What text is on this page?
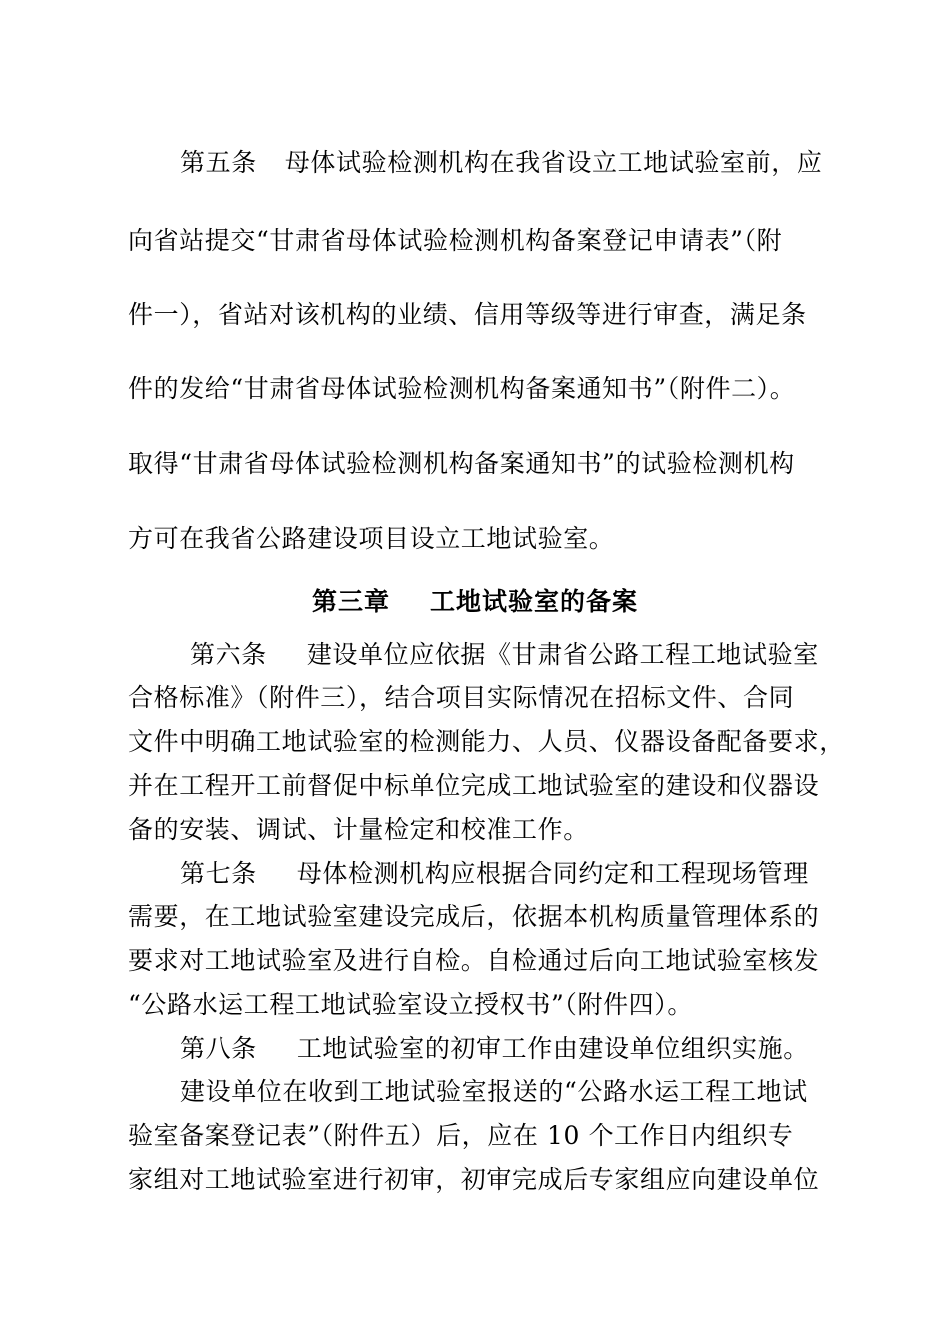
第五条 母体试验检测机构在我省设立工地试验室前，应
向省站提交“甘肃省母体试验检测机构备案登记申请表”（附
件一），省站对该机构的业绩、信用等级等进行审查，满足条
件的发给“甘肃省母体试验检测机构备案通知书”（附件二）。
取得“甘肃省母体试验检测机构备案通知书”的试验检测机构
方可在我省公路建设项目设立工地试验室。
第三章 工地试验室的备案
第六条 建设单位应依据《甘肃省公路工程工地试验室
合格标准》（附件三），结合项目实际情况在招标文件、合同
文件中明确工地试验室的检测能力、人员、仪器设备配备要求，
并在工程开工前督促中标单位完成工地试验室的建设和仪器设
备的安装、调试、计量检定和校准工作。
第七条 母体检测机构应根据合同约定和工程现场管理
需要，在工地试验室建设完成后，依据本机构质量管理体系的
要求对工地试验室及进行自检。自检通过后向工地试验室核发
“公路水运工程工地试验室设立授权书”（附件四）。
第八条 工地试验室的初审工作由建设单位组织实施。
建设单位在收到工地试验室报送的“公路水运工程工地试
验室备案登记表”（附件五）后，应在 10 个工作日内组织专
家组对工地试验室进行初审，初审完成后专家组应向建设单位
